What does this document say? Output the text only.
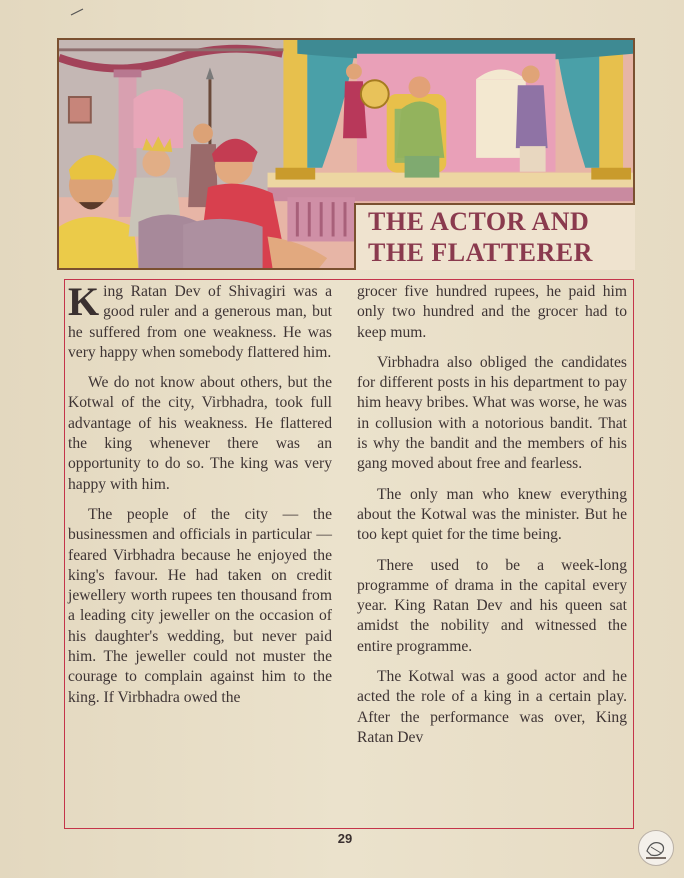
THE ACTOR AND
THE FLATTERER

King Ratan Dev of Shivagiri was a good ruler and a generous man, but he suffered from one weakness. He was very happy when somebody flattered him.

We do not know about others, but the Kotwal of the city, Virbhadra, took full advantage of his weakness. He flattered the king whenever there was an opportunity to do so. The king was very happy with him.

The people of the city — the businessmen and officials in particular — feared Virbhadra because he enjoyed the king's favour. He had taken on credit jewellery worth rupees ten thousand from a leading city jeweller on the occasion of his daughter's wedding, but never paid him. The jeweller could not muster the courage to complain against him to the king. If Virbhadra owed the

grocer five hundred rupees, he paid him only two hundred and the grocer had to keep mum.

Virbhadra also obliged the candidates for different posts in his department to pay him heavy bribes. What was worse, he was in collusion with a notorious bandit. That is why the bandit and the members of his gang moved about free and fearless.

The only man who knew everything about the Kotwal was the minister. But he too kept quiet for the time being.

There used to be a week-long programme of drama in the capital every year. King Ratan Dev and his queen sat amidst the nobility and witnessed the entire programme.

The Kotwal was a good actor and he acted the role of a king in a certain play. After the performance was over, King Ratan Dev

29
